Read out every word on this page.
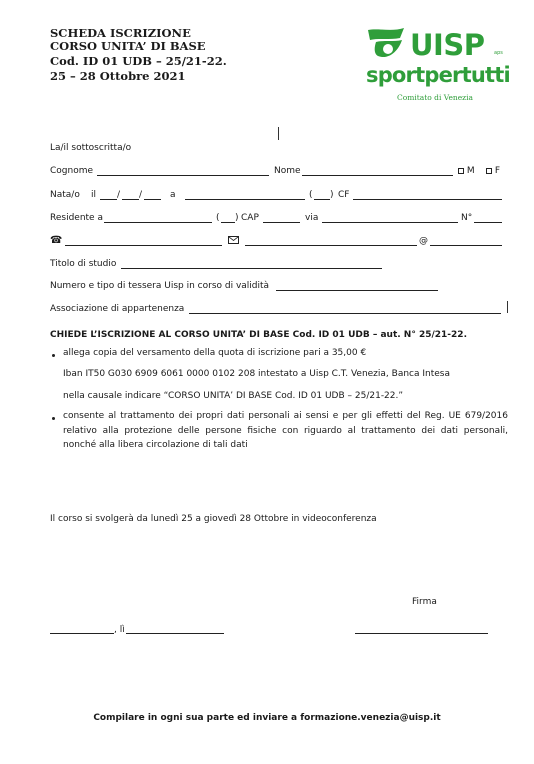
SCHEDA ISCRIZIONE
CORSO UNITA’ DI BASE
Cod. ID 01 UDB – 25/21-22.
25 – 28 Ottobre 2021
UISP aps
sportpertutti
Comitato di Venezia
La/il sottoscritta/o
Cognome	Nome	M	F
Nata/o il / /	a	( ) CF
Residente a	( ) CAP	via	N°
☎	@
Titolo di studio
Numero e tipo di tessera Uisp in corso di validità
Associazione di appartenenza
CHIEDE L’ISCRIZIONE AL CORSO UNITA’ DI BASE Cod. ID 01 UDB – aut. N° 25/21-22.
allega copia del versamento della quota di iscrizione pari a 35,00 €
Iban IT50 G030 6909 6061 0000 0102 208 intestato a Uisp C.T. Venezia, Banca Intesa
nella causale indicare “CORSO UNITA’ DI BASE Cod. ID 01 UDB – 25/21-22.”
consente al trattamento dei propri dati personali ai sensi e per gli effetti del Reg. UE 679/2016 relativo alla protezione delle persone fisiche con riguardo al trattamento dei dati personali, nonché alla libera circolazione di tali dati
Il corso si svolgerà da lunedì 25 a giovedì 28 Ottobre in videoconferenza
Firma
, lì
Compilare in ogni sua parte ed inviare a formazione.venezia@uisp.it
